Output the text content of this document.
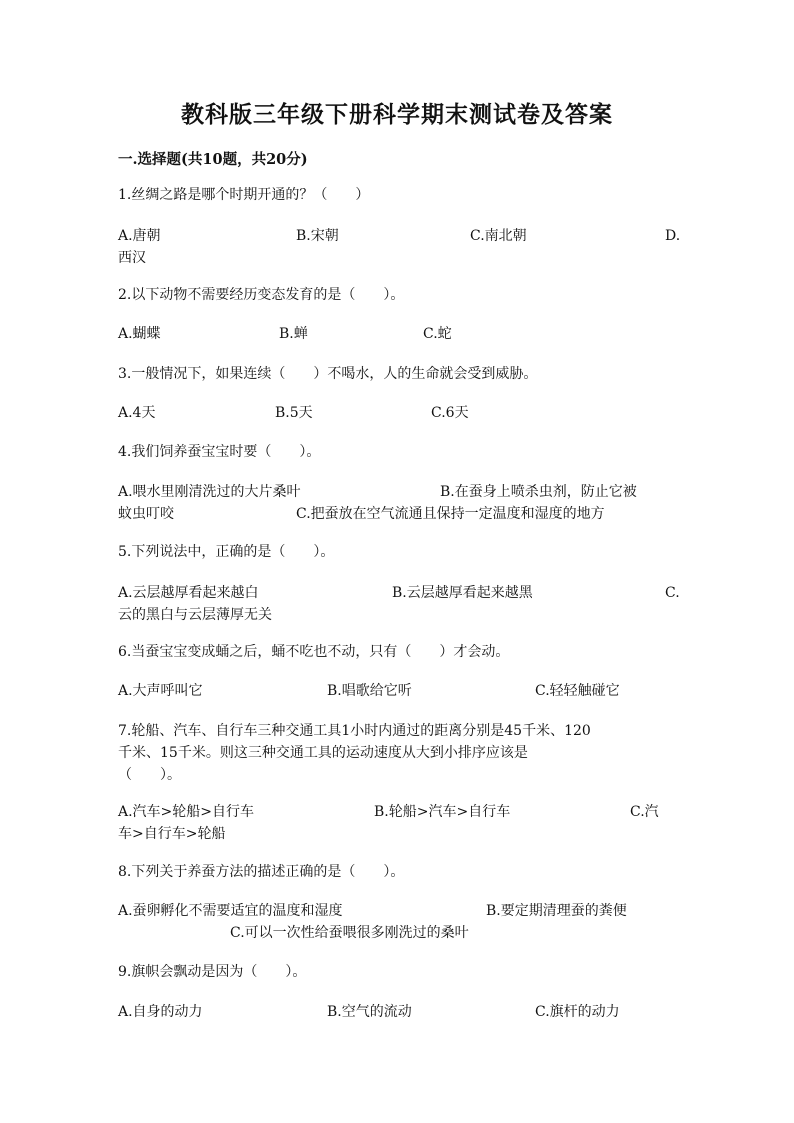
教科版三年级下册科学期末测试卷及答案
一.选择题(共10题，共20分)

1.丝绸之路是哪个时期开通的？（　　）

A.唐朝	B.宋朝	C.南北朝	D.
西汉

2.以下动物不需要经历变态发育的是（　　）。

A.蝴蝶	B.蝉	C.蛇

3.一般情况下，如果连续（　　）不喝水，人的生命就会受到威胁。

A.4天	B.5天	C.6天

4.我们饲养蚕宝宝时要（　　）。

A.喂水里刚清洗过的大片桑叶	B.在蚕身上喷杀虫剂，防止它被
蚊虫叮咬	C.把蚕放在空气流通且保持一定温度和湿度的地方

5.下列说法中，正确的是（　　）。

A.云层越厚看起来越白	B.云层越厚看起来越黑	C.
云的黑白与云层薄厚无关

6.当蚕宝宝变成蛹之后，蛹不吃也不动，只有（　　）才会动。

A.大声呼叫它	B.唱歌给它听	C.轻轻触碰它
7.轮船、汽车、自行车三种交通工具1小时内通过的距离分别是45千米、120
千米、15千米。则这三种交通工具的运动速度从大到小排序应该是
（　　）。
A.汽车>轮船>自行车	B.轮船>汽车>自行车	C.汽
车>自行车>轮船

8.下列关于养蚕方法的描述正确的是（　　）。

A.蚕卵孵化不需要适宜的温度和湿度	B.要定期清理蚕的粪便
C.可以一次性给蚕喂很多刚洗过的桑叶

9.旗帜会飘动是因为（　　）。

A.自身的动力	B.空气的流动	C.旗杆的动力
